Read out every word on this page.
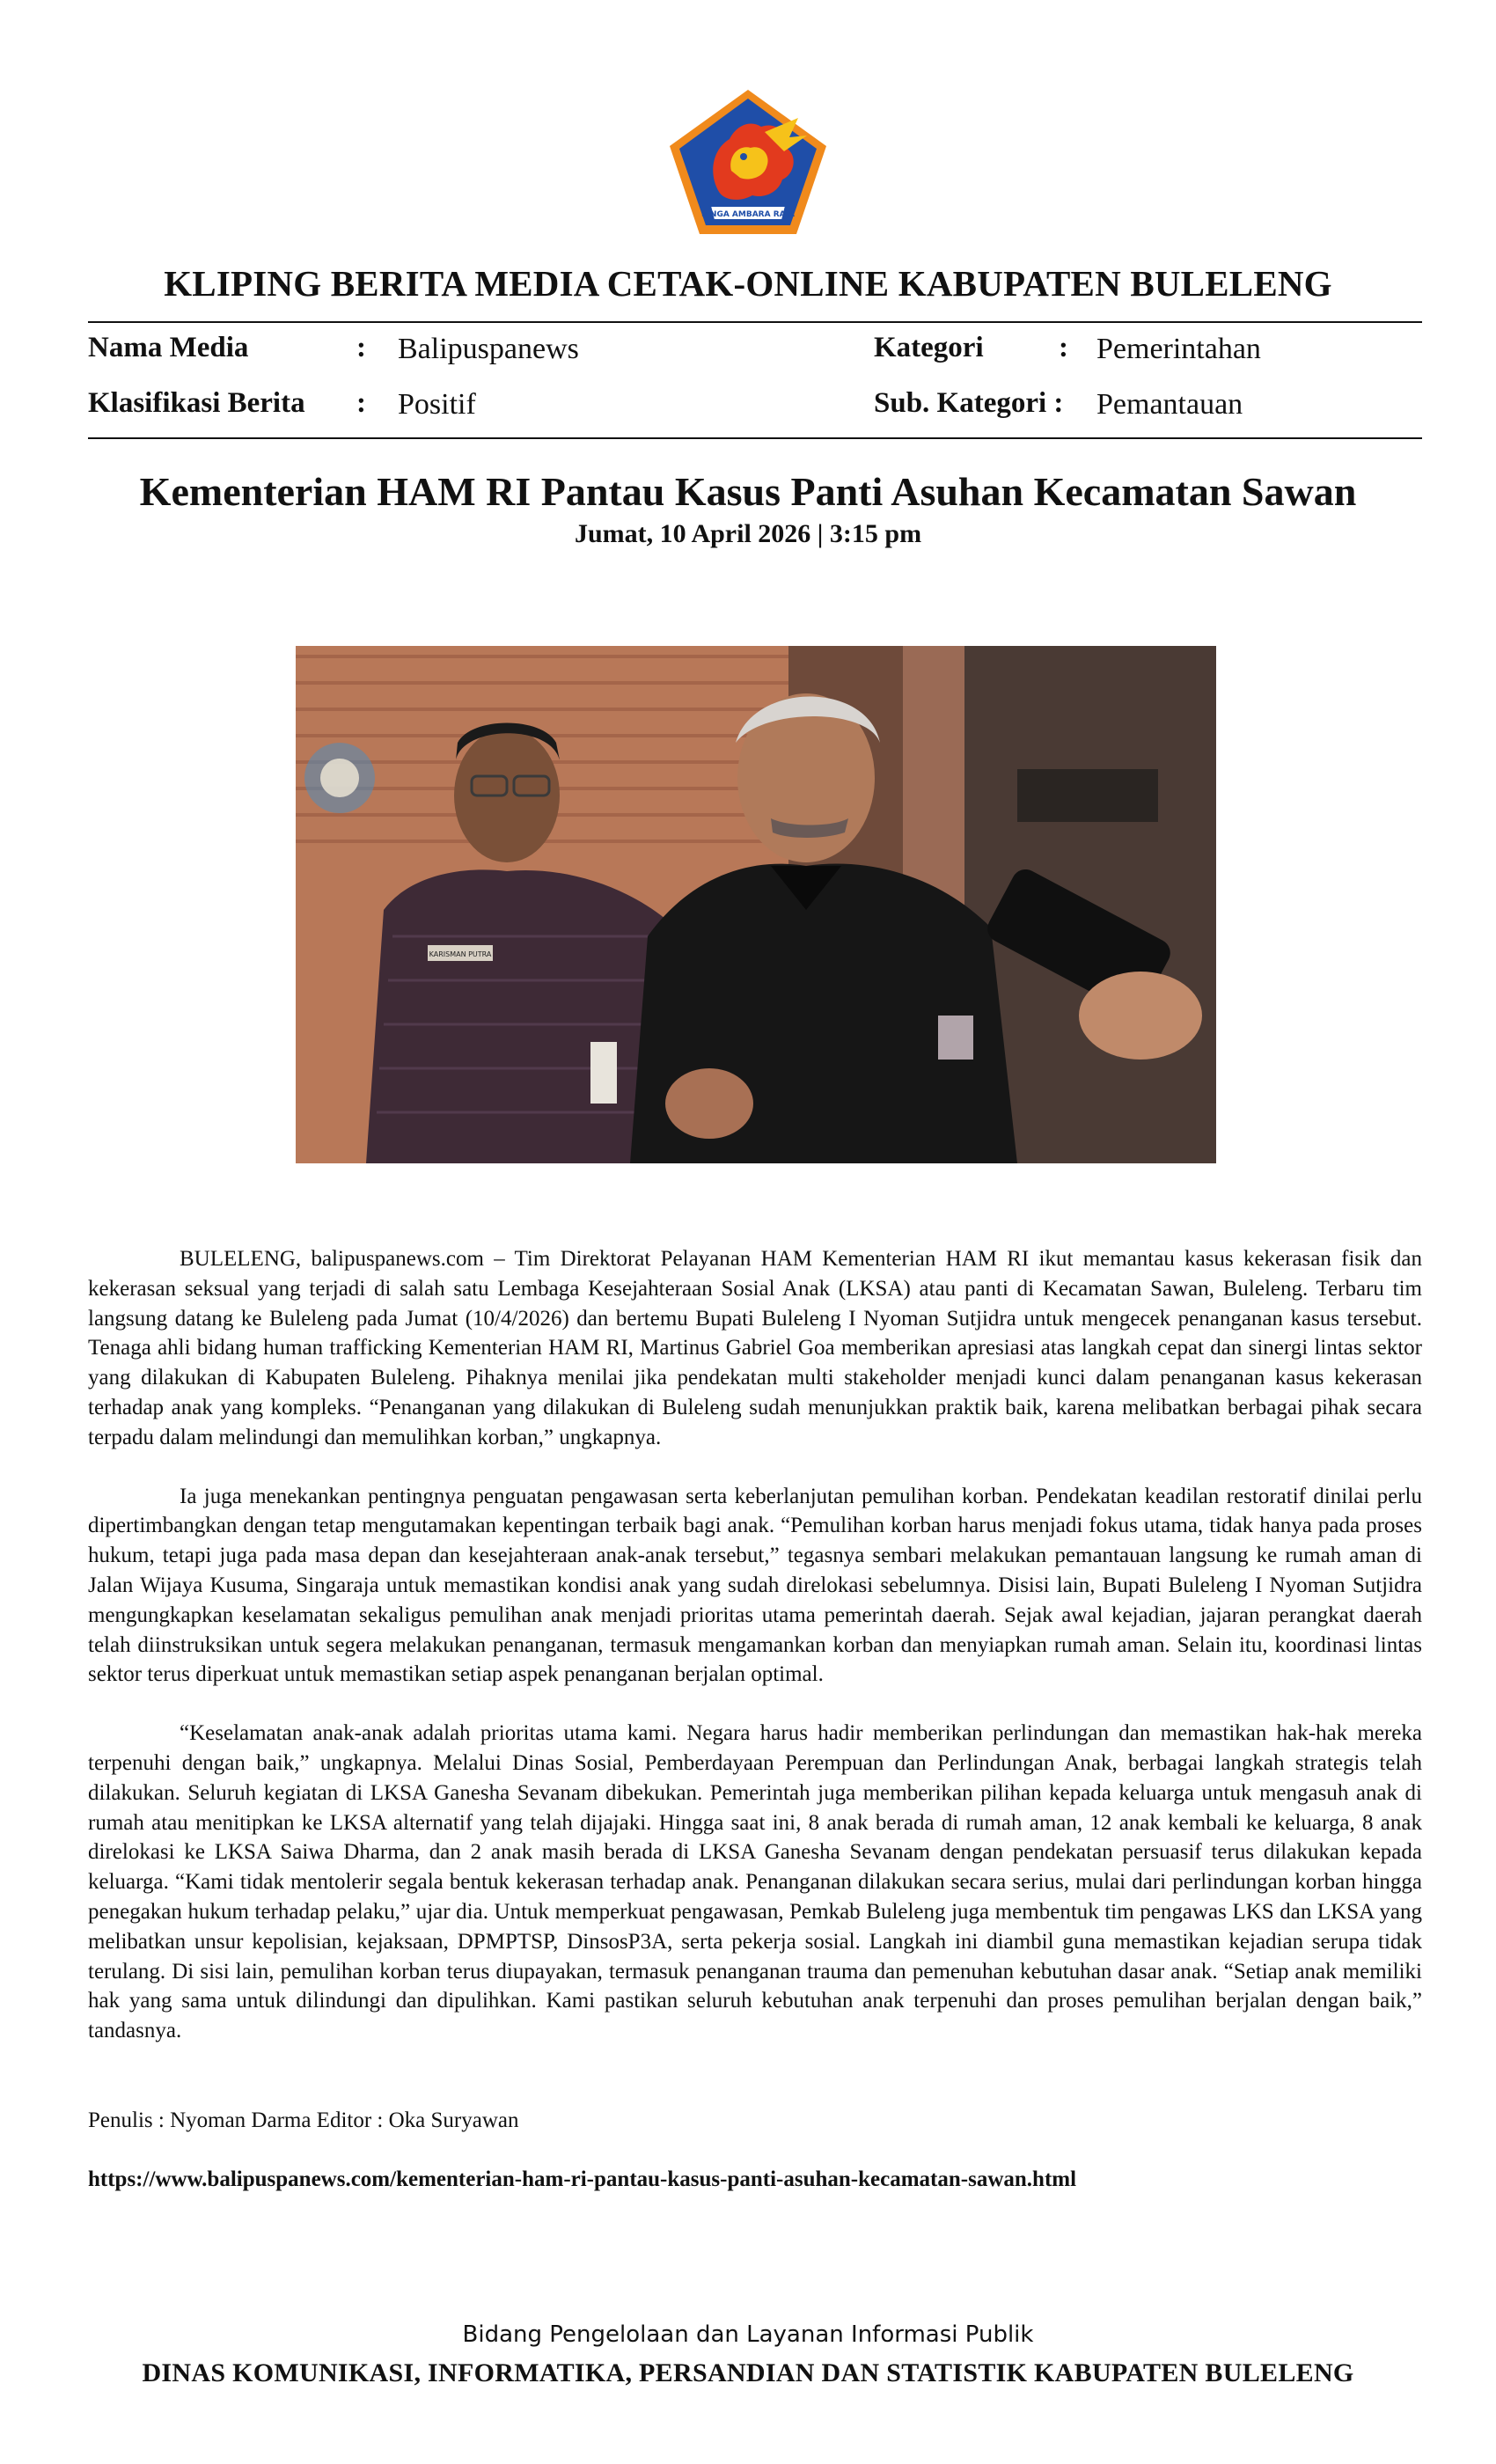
SINGA AMBARA RAJA
KLIPING BERITA MEDIA CETAK-ONLINE KABUPATEN BULELENG
Nama Media	: Balipuspanews	Kategori	: Pemerintahan
Klasifikasi Berita : Positif	Sub. Kategori : Pemantauan
Kementerian HAM RI Pantau Kasus Panti Asuhan Kecamatan Sawan
Jumat, 10 April 2026 | 3:15 pm
KARISMAN PUTRA

BULELENG, balipuspanews.com – Tim Direktorat Pelayanan HAM Kementerian HAM RI ikut memantau kasus kekerasan fisik dan kekerasan seksual yang terjadi di salah satu Lembaga Kesejahteraan Sosial Anak (LKSA) atau panti di Kecamatan Sawan, Buleleng. Terbaru tim langsung datang ke Buleleng pada Jumat (10/4/2026) dan bertemu Bupati Buleleng I Nyoman Sutjidra untuk mengecek penanganan kasus tersebut. Tenaga ahli bidang human trafficking Kementerian HAM RI, Martinus Gabriel Goa memberikan apresiasi atas langkah cepat dan sinergi lintas sektor yang dilakukan di Kabupaten Buleleng. Pihaknya menilai jika pendekatan multi stakeholder menjadi kunci dalam penanganan kasus kekerasan terhadap anak yang kompleks. “Penanganan yang dilakukan di Buleleng sudah menunjukkan praktik baik, karena melibatkan berbagai pihak secara terpadu dalam melindungi dan memulihkan korban,” ungkapnya.

Ia juga menekankan pentingnya penguatan pengawasan serta keberlanjutan pemulihan korban. Pendekatan keadilan restoratif dinilai perlu dipertimbangkan dengan tetap mengutamakan kepentingan terbaik bagi anak. “Pemulihan korban harus menjadi fokus utama, tidak hanya pada proses hukum, tetapi juga pada masa depan dan kesejahteraan anak-anak tersebut,” tegasnya sembari melakukan pemantauan langsung ke rumah aman di Jalan Wijaya Kusuma, Singaraja untuk memastikan kondisi anak yang sudah direlokasi sebelumnya. Disisi lain, Bupati Buleleng I Nyoman Sutjidra mengungkapkan keselamatan sekaligus pemulihan anak menjadi prioritas utama pemerintah daerah. Sejak awal kejadian, jajaran perangkat daerah telah diinstruksikan untuk segera melakukan penanganan, termasuk mengamankan korban dan menyiapkan rumah aman. Selain itu, koordinasi lintas sektor terus diperkuat untuk memastikan setiap aspek penanganan berjalan optimal.

“Keselamatan anak-anak adalah prioritas utama kami. Negara harus hadir memberikan perlindungan dan memastikan hak-hak mereka terpenuhi dengan baik,” ungkapnya. Melalui Dinas Sosial, Pemberdayaan Perempuan dan Perlindungan Anak, berbagai langkah strategis telah dilakukan. Seluruh kegiatan di LKSA Ganesha Sevanam dibekukan. Pemerintah juga memberikan pilihan kepada keluarga untuk mengasuh anak di rumah atau menitipkan ke LKSA alternatif yang telah dijajaki. Hingga saat ini, 8 anak berada di rumah aman, 12 anak kembali ke keluarga, 8 anak direlokasi ke LKSA Saiwa Dharma, dan 2 anak masih berada di LKSA Ganesha Sevanam dengan pendekatan persuasif terus dilakukan kepada keluarga. “Kami tidak mentolerir segala bentuk kekerasan terhadap anak. Penanganan dilakukan secara serius, mulai dari perlindungan korban hingga penegakan hukum terhadap pelaku,” ujar dia. Untuk memperkuat pengawasan, Pemkab Buleleng juga membentuk tim pengawas LKS dan LKSA yang melibatkan unsur kepolisian, kejaksaan, DPMPTSP, DinsosP3A, serta pekerja sosial. Langkah ini diambil guna memastikan kejadian serupa tidak terulang. Di sisi lain, pemulihan korban terus diupayakan, termasuk penanganan trauma dan pemenuhan kebutuhan dasar anak. “Setiap anak memiliki hak yang sama untuk dilindungi dan dipulihkan. Kami pastikan seluruh kebutuhan anak terpenuhi dan proses pemulihan berjalan dengan baik,” tandasnya.

Penulis : Nyoman Darma Editor : Oka Suryawan
https://www.balipuspanews.com/kementerian-ham-ri-pantau-kasus-panti-asuhan-kecamatan-sawan.html
Bidang Pengelolaan dan Layanan Informasi Publik
DINAS KOMUNIKASI, INFORMATIKA, PERSANDIAN DAN STATISTIK KABUPATEN BULELENG
